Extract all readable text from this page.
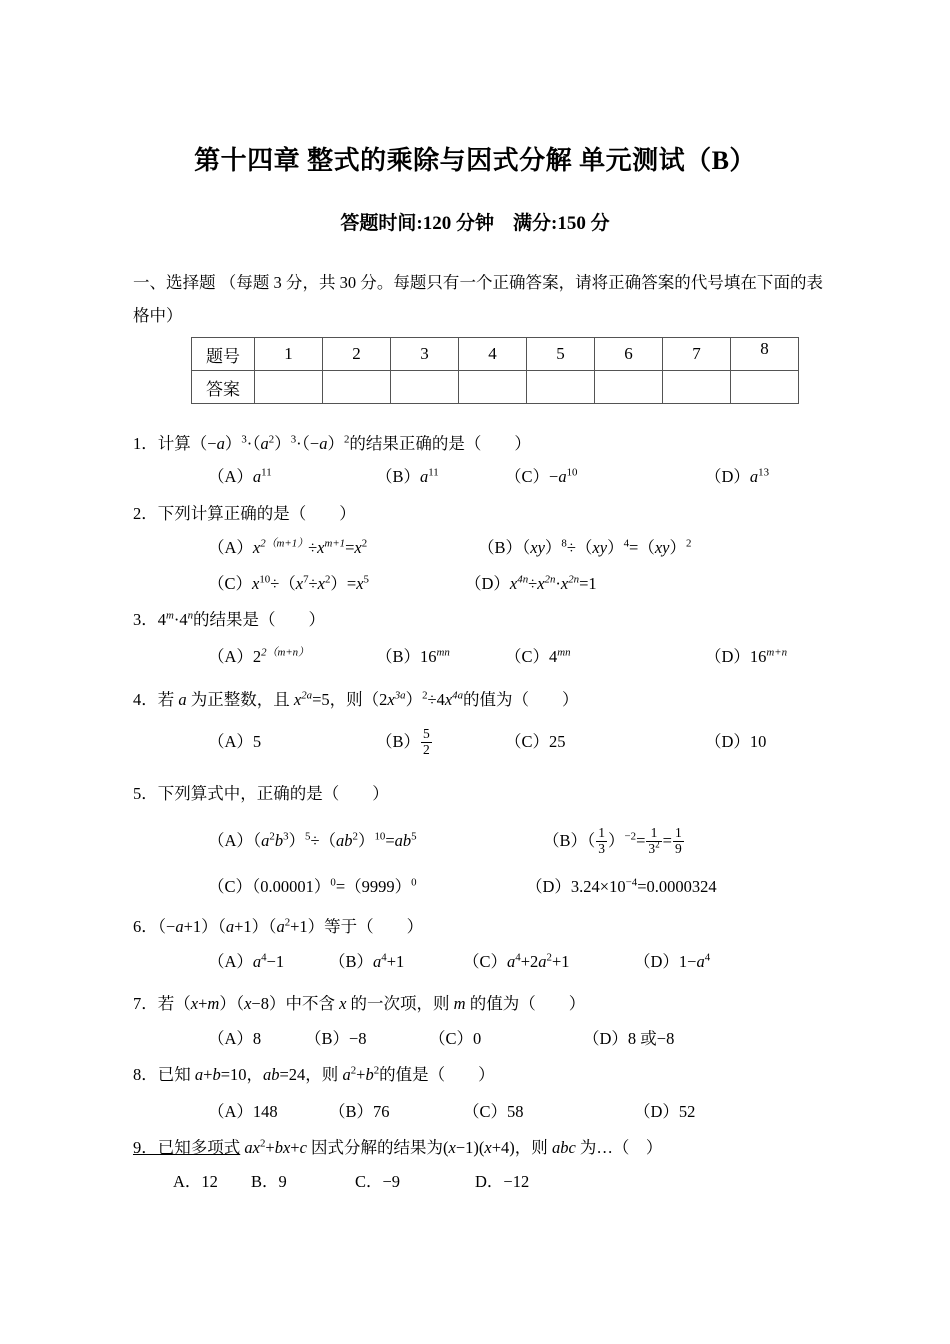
第十四章 整式的乘除与因式分解 单元测试（B）
答题时间:120 分钟　满分:150 分
一、选择题 （每题 3 分，共 30 分。每题只有一个正确答案，请将正确答案的代号填在下面的表格中）
题号	1	2	3	4	5	6	7	8
答案								
1．计算$(-a)^3\cdot(a^2)^3\cdot(-a)^2$的结果正确的是（　　）
$(A)a^{11}$	$(B)a^{11}$	$(C)-a^{10}$	$(D)a^{13}$
2．下列计算正确的是（　　）
$(A)x^{2(m+1)}\div x^{m+1}=x^2$	（B）（xy）$^8$÷（xy）$^4$=（xy）$^2$
$(C)x^{10}\div(x^7\div x^2)=x^5$	$(D)x^{4n}\div x^{2n}\cdot x^{2n}=1$
3．$4^m\cdot 4^n$的结果是（　　）
$(A)2^{2(m+n)}$	$(B)16^{mn}$	$(C)4^{mn}$	$(D)16^{m+n}$
4．若 a 为正整数，且 $x^{2a}=5$，则$(2x^{3a})^2\div 4x^{4a}$的值为（　　）
（A）5	$(B) \frac{5}{2}$	（C）25	（D）10
5．下列算式中，正确的是（　　）
$(A)(a^2b^3)^5\div(ab^2)^{10}=ab^5$	$(B)( \frac{1}{3} )^{-2}= \frac{1}{3^2} = \frac{1}{9}$
$(C)(0.00001)^0=(9999)^0$	$(D)3.24\times 10^{-4}=0.0000324$
6．$(-a+1)(a+1)(a^2+1)$等于（　　）
$(A)a^4-1$	$(B)a^4+1$	$(C)a^4+2a^2+1$	$(D)1-a^4$
7．若（x+m）（x−8）中不含 x 的一次项，则 m 的值为（　　）
（A）8	（B）−8	（C）0	（D）8 或−8
8．已知 a+b=10，ab=24，则 $a^2+b^2$的值是（　　）
（A）148	（B）76	（C）58	（D）52
9．已知多项式 $ax^2+bx+c$ 因式分解的结果为(x−1)(x+4)，则 abc 为…（　）
A．12 B．9	C．−9	D．−12
